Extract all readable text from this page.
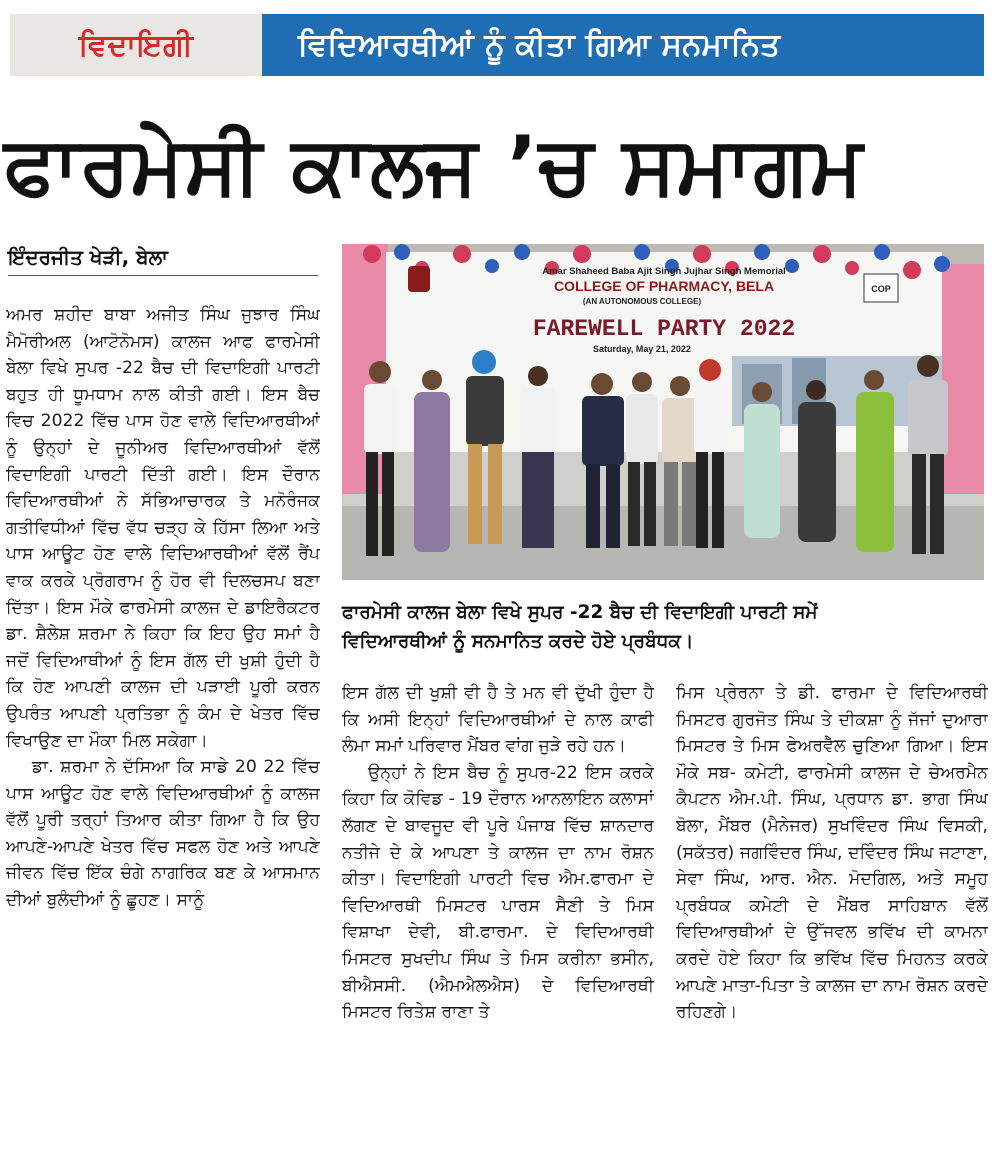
ਵਿਦਾਇਗੀ	ਵਿਦਿਆਰਥੀਆਂ ਨੂੰ ਕੀਤਾ ਗਿਆ ਸਨਮਾਨਿਤ
ਫਾਰਮੇਸੀ ਕਾਲਜ ’ਚ ਸਮਾਗਮ
ਇੰਦਰਜੀਤ ਖੇੜੀ, ਬੇਲਾ

ਅਮਰ ਸ਼ਹੀਦ ਬਾਬਾ ਅਜੀਤ ਸਿੰਘ ਜੁਝਾਰ ਸਿੰਘ ਮੈਮੋਰੀਅਲ (ਆਟੋਨੋਮਸ) ਕਾਲਜ ਆਫ ਫਾਰਮੇਸੀ ਬੇਲਾ ਵਿਖੇ ਸੁਪਰ -22 ਬੈਚ ਦੀ ਵਿਦਾਇਗੀ ਪਾਰਟੀ ਬਹੁਤ ਹੀ ਧੂਮਧਾਮ ਨਾਲ ਕੀਤੀ ਗਈ। ਇਸ ਬੈਚ ਵਿਚ 2022 ਵਿੱਚ ਪਾਸ ਹੋਣ ਵਾਲੇ ਵਿਦਿਆਰਥੀਆਂ ਨੂੰ ਉਨ੍ਹਾਂ ਦੇ ਜੂਨੀਅਰ ਵਿਦਿਆਰਥੀਆਂ ਵੱਲੋਂ ਵਿਦਾਇਗੀ ਪਾਰਟੀ ਦਿੱਤੀ ਗਈ। ਇਸ ਦੌਰਾਨ ਵਿਦਿਆਰਥੀਆਂ ਨੇ ਸੱਭਿਆਚਾਰਕ ਤੇ ਮਨੋਰੰਜਕ ਗਤੀਵਿਧੀਆਂ ਵਿੱਚ ਵੱਧ ਚੜ੍ਹ ਕੇ ਹਿੱਸਾ ਲਿਆ ਅਤੇ ਪਾਸ ਆਊਟ ਹੋਣ ਵਾਲੇ ਵਿਦਿਆਰਥੀਆਂ ਵੱਲੋਂ ਰੈਂਪ ਵਾਕ ਕਰਕੇ ਪ੍ਰੋਗਰਾਮ ਨੂੰ ਹੋਰ ਵੀ ਦਿਲਚਸਪ ਬਣਾ ਦਿੱਤਾ। ਇਸ ਮੌਕੇ ਫਾਰਮੇਸੀ ਕਾਲਜ ਦੇ ਡਾਇਰੈਕਟਰ ਡਾ. ਸ਼ੈਲੇਸ਼ ਸ਼ਰਮਾ ਨੇ ਕਿਹਾ ਕਿ ਇਹ ਉਹ ਸਮਾਂ ਹੈ ਜਦੋਂ ਵਿਦਿਆਥੀਆਂ ਨੂੰ ਇਸ ਗੱਲ ਦੀ ਖੁਸ਼ੀ ਹੁੰਦੀ ਹੈ ਕਿ ਹੋਣ ਆਪਣੀ ਕਾਲਜ ਦੀ ਪੜਾਈ ਪੂਰੀ ਕਰਨ ਉਪਰੰਤ ਆਪਣੀ ਪ੍ਰਤਿਭਾ ਨੂੰ ਕੰਮ ਦੇ ਖੇਤਰ ਵਿੱਚ ਵਿਖਾਉਣ ਦਾ ਮੌਕਾ ਮਿਲ ਸਕੇਗਾ।

ਡਾ. ਸ਼ਰਮਾ ਨੇ ਦੱਸਿਆ ਕਿ ਸਾਡੇ 20 22 ਵਿੱਚ ਪਾਸ ਆਊਟ ਹੋਣ ਵਾਲੇ ਵਿਦਿਆਰਥੀਆਂ ਨੂੰ ਕਾਲਜ ਵੱਲੋਂ ਪੂਰੀ ਤਰ੍ਹਾਂ ਤਿਆਰ ਕੀਤਾ ਗਿਆ ਹੈ ਕਿ ਉਹ ਆਪਣੇ-ਆਪਣੇ ਖੇਤਰ ਵਿੱਚ ਸਫਲ ਹੋਣ ਅਤੇ ਆਪਣੇ ਜੀਵਨ ਵਿੱਚ ਇੱਕ ਚੰਗੇ ਨਾਗਰਿਕ ਬਣ ਕੇ ਆਸਮਾਨ ਦੀਆਂ ਬੁਲੰਦੀਆਂ ਨੂੰ ਛੂਹਣ। ਸਾਨੂੰ

COP
Amar Shaheed Baba Ajit Singh Jujhar Singh Memorial
COLLEGE OF PHARMACY, BELA
(AN AUTONOMOUS COLLEGE)
FAREWELL PARTY 2022
Saturday, May 21, 2022
ਫਾਰਮੇਸੀ ਕਾਲਜ ਬੇਲਾ ਵਿਖੇ ਸੁਪਰ -22 ਬੈਚ ਦੀ ਵਿਦਾਇਗੀ ਪਾਰਟੀ ਸਮੇਂ
ਵਿਦਿਆਰਥੀਆਂ ਨੂੰ ਸਨਮਾਨਿਤ ਕਰਦੇ ਹੋਏ ਪ੍ਰਬੰਧਕ।

ਇਸ ਗੱਲ ਦੀ ਖੁਸ਼ੀ ਵੀ ਹੈ ਤੇ ਮਨ ਵੀ ਦੁੱਖੀ ਹੁੰਦਾ ਹੈ ਕਿ ਅਸੀ ਇਨ੍ਹਾਂ ਵਿਦਿਆਰਥੀਆਂ ਦੇ ਨਾਲ ਕਾਫੀ ਲੰਮਾ ਸਮਾਂ ਪਰਿਵਾਰ ਮੈਂਬਰ ਵਾਂਗ ਜੁੜੇ ਰਹੇ ਹਨ।

ਉਨ੍ਹਾਂ ਨੇ ਇਸ ਬੈਚ ਨੂੰ ਸੁਪਰ-22 ਇਸ ਕਰਕੇ ਕਿਹਾ ਕਿ ਕੋਵਿਡ - 19 ਦੌਰਾਨ ਆਨਲਾਇਨ ਕਲਾਸਾਂ ਲੱਗਣ ਦੇ ਬਾਵਜੂਦ ਵੀ ਪੂਰੇ ਪੰਜਾਬ ਵਿੱਚ ਸ਼ਾਨਦਾਰ ਨਤੀਜੇ ਦੇ ਕੇ ਆਪਣਾ ਤੇ ਕਾਲਜ ਦਾ ਨਾਮ ਰੋਸ਼ਨ ਕੀਤਾ। ਵਿਦਾਇਗੀ ਪਾਰਟੀ ਵਿਚ ਐਮ.ਫਾਰਮਾ ਦੇ ਵਿਦਿਆਰਥੀ ਮਿਸਟਰ ਪਾਰਸ ਸੈਣੀ ਤੇ ਮਿਸ ਵਿਸ਼ਾਖਾ ਦੇਵੀ, ਬੀ.ਫਾਰਮਾ. ਦੇ ਵਿਦਿਆਰਥੀ ਮਿਸਟਰ ਸੁਖਦੀਪ ਸਿੰਘ ਤੇ ਮਿਸ ਕਰੀਨਾ ਭਸੀਨ, ਬੀਐਸਸੀ. (ਐਮਐਲਐਸ) ਦੇ ਵਿਦਿਆਰਥੀ ਮਿਸਟਰ ਰਿਤੇਸ਼ ਰਾਣਾ ਤੇ

ਮਿਸ ਪ੍ਰੇਰਨਾ ਤੇ ਡੀ. ਫਾਰਮਾ ਦੇ ਵਿਦਿਆਰਥੀ ਮਿਸਟਰ ਗੁਰਜੋਤ ਸਿੰਘ ਤੇ ਦੀਕਸ਼ਾ ਨੂੰ ਜੱਜਾਂ ਦੁਆਰਾ ਮਿਸਟਰ ਤੇ ਮਿਸ ਫੇਅਰਵੈੱਲ ਚੁਣਿਆ ਗਿਆ। ਇਸ ਮੌਕੇ ਸਬ- ਕਮੇਟੀ, ਫਾਰਮੇਸੀ ਕਾਲਜ ਦੇ ਚੇਅਰਮੈਨ ਕੈਪਟਨ ਐਮ.ਪੀ. ਸਿੰਘ, ਪ੍ਰਧਾਨ ਡਾ. ਭਾਗ ਸਿੰਘ ਬੋਲਾ, ਮੈਂਬਰ (ਮੈਨੇਜਰ) ਸੁਖਵਿੰਦਰ ਸਿੰਘ ਵਿਸਕੀ, (ਸਕੱਤਰ) ਜਗਵਿੰਦਰ ਸਿੰਘ, ਦਵਿੰਦਰ ਸਿੰਘ ਜਟਾਣਾ, ਸੇਵਾ ਸਿੰਘ, ਆਰ. ਐਨ. ਮੋਦਗਿਲ, ਅਤੇ ਸਮੂਹ ਪ੍ਰਬੰਧਕ ਕਮੇਟੀ ਦੇ ਮੈਂਬਰ ਸਾਹਿਬਾਨ ਵੱਲੋਂ ਵਿਦਿਆਰਥੀਆਂ ਦੇ ਉੱਜਵਲ ਭਵਿੱਖ ਦੀ ਕਾਮਨਾ ਕਰਦੇ ਹੋਏ ਕਿਹਾ ਕਿ ਭਵਿੱਖ ਵਿੱਚ ਮਿਹਨਤ ਕਰਕੇ ਆਪਣੇ ਮਾਤਾ-ਪਿਤਾ ਤੇ ਕਾਲਜ ਦਾ ਨਾਮ ਰੋਸ਼ਨ ਕਰਦੇ ਰਹਿਣਗੇ।
